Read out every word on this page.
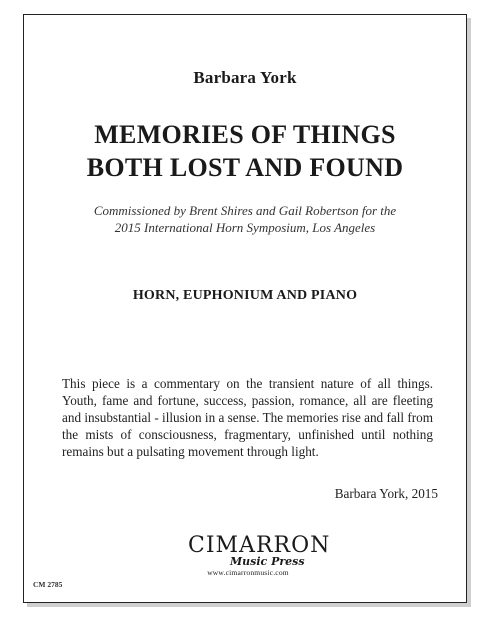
Barbara York
MEMORIES OF THINGS
BOTH LOST AND FOUND
Commissioned by Brent Shires and Gail Robertson for the
2015 International Horn Symposium, Los Angeles
HORN, EUPHONIUM AND PIANO
This piece is a commentary on the transient nature of all things. Youth, fame and fortune, success, passion, romance, all are fleeting and insubstantial - illusion in a sense. The memories rise and fall from the mists of consciousness, fragmentary, unfinished until nothing remains but a pulsating movement through light.
Barbara York, 2015
CIMARRON
Music Press
www.cimarronmusic.com
CM 2785
